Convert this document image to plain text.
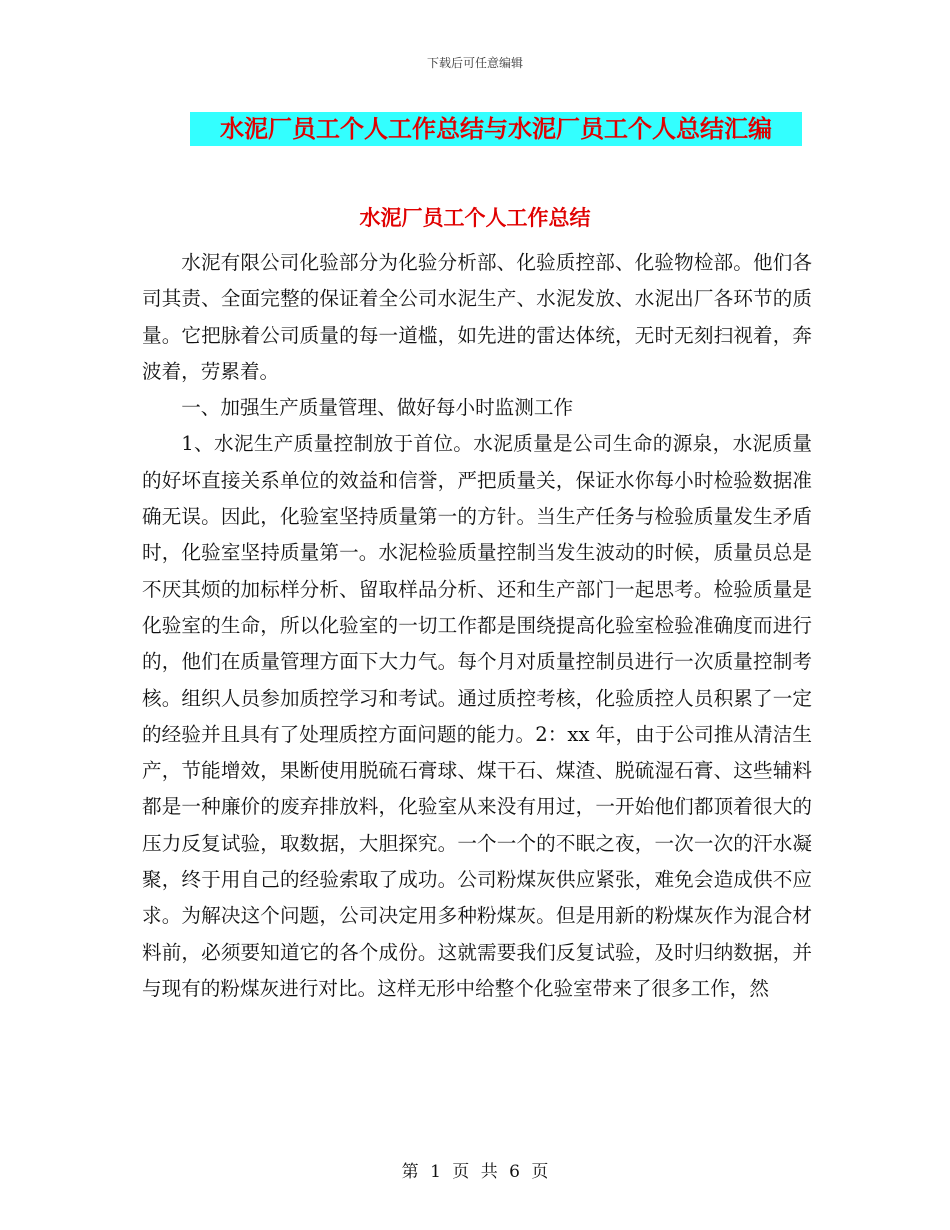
下载后可任意编辑
水泥厂员工个人工作总结与水泥厂员工个人总结汇编
水泥厂员工个人工作总结

水泥有限公司化验部分为化验分析部、化验质控部、化验物检部。他们各司其责、全面完整的保证着全公司水泥生产、水泥发放、水泥出厂各环节的质量。它把脉着公司质量的每一道槛，如先进的雷达体统，无时无刻扫视着，奔波着，劳累着。

一、加强生产质量管理、做好每小时监测工作

1、水泥生产质量控制放于首位。水泥质量是公司生命的源泉，水泥质量的好坏直接关系单位的效益和信誉，严把质量关，保证水你每小时检验数据准确无误。因此，化验室坚持质量第一的方针。当生产任务与检验质量发生矛盾时，化验室坚持质量第一。水泥检验质量控制当发生波动的时候，质量员总是不厌其烦的加标样分析、留取样品分析、还和生产部门一起思考。检验质量是化验室的生命，所以化验室的一切工作都是围绕提高化验室检验准确度而进行的，他们在质量管理方面下大力气。每个月对质量控制员进行一次质量控制考核。组织人员参加质控学习和考试。通过质控考核，化验质控人员积累了一定的经验并且具有了处理质控方面问题的能力。2：xx 年，由于公司推从清洁生产，节能增效，果断使用脱硫石膏球、煤干石、煤渣、脱硫湿石膏、这些辅料都是一种廉价的废弃排放料，化验室从来没有用过，一开始他们都顶着很大的压力反复试验，取数据，大胆探究。一个一个的不眠之夜，一次一次的汗水凝聚，终于用自己的经验索取了成功。公司粉煤灰供应紧张，难免会造成供不应求。为解决这个问题，公司决定用多种粉煤灰。但是用新的粉煤灰作为混合材料前，必须要知道它的各个成份。这就需要我们反复试验，及时归纳数据，并与现有的粉煤灰进行对比。这样无形中给整个化验室带来了很多工作，然

第 1 页 共 6 页
